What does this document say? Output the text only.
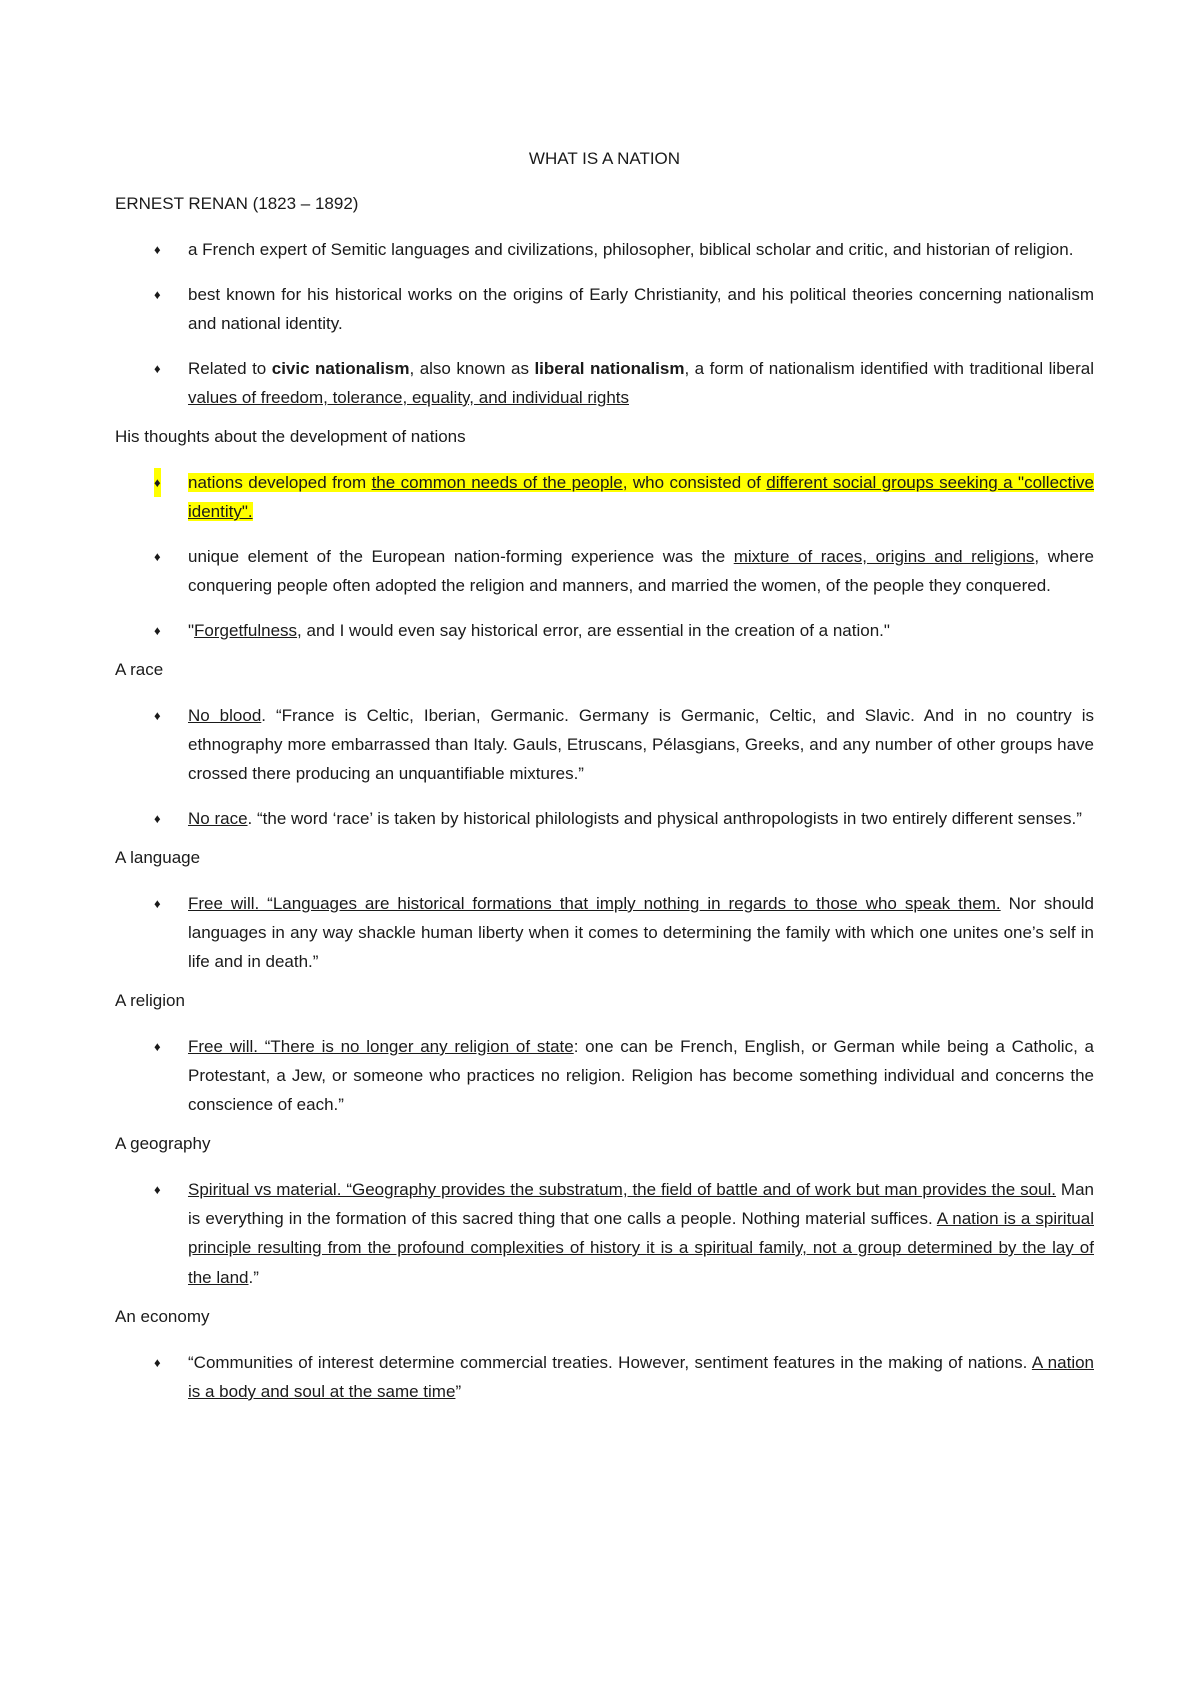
WHAT IS A NATION
ERNEST RENAN (1823 – 1892)
♦ a French expert of Semitic languages and civilizations, philosopher, biblical scholar and critic, and historian of religion.
♦ best known for his historical works on the origins of Early Christianity, and his political theories concerning nationalism and national identity.
♦ Related to civic nationalism, also known as liberal nationalism, a form of nationalism identified with traditional liberal values of freedom, tolerance, equality, and individual rights
His thoughts about the development of nations
♦ nations developed from the common needs of the people, who consisted of different social groups seeking a "collective identity".
♦ unique element of the European nation-forming experience was the mixture of races, origins and religions, where conquering people often adopted the religion and manners, and married the women, of the people they conquered.
♦ "Forgetfulness, and I would even say historical error, are essential in the creation of a nation."
A race
♦ No blood. “France is Celtic, Iberian, Germanic. Germany is Germanic, Celtic, and Slavic. And in no country is ethnography more embarrassed than Italy. Gauls, Etruscans, Pélasgians, Greeks, and any number of other groups have crossed there producing an unquantifiable mixtures.”
♦ No race. “the word ‘race’ is taken by historical philologists and physical anthropologists in two entirely different senses.”
A language
♦ Free will. “Languages are historical formations that imply nothing in regards to those who speak them. Nor should languages in any way shackle human liberty when it comes to determining the family with which one unites one’s self in life and in death.”
A religion
♦ Free will. “There is no longer any religion of state: one can be French, English, or German while being a Catholic, a Protestant, a Jew, or someone who practices no religion. Religion has become something individual and concerns the conscience of each.”
A geography
♦ Spiritual vs material. “Geography provides the substratum, the field of battle and of work but man provides the soul. Man is everything in the formation of this sacred thing that one calls a people. Nothing material suffices. A nation is a spiritual principle resulting from the profound complexities of history it is a spiritual family, not a group determined by the lay of the land.”
An economy
♦ “Communities of interest determine commercial treaties. However, sentiment features in the making of nations. A nation is a body and soul at the same time”
